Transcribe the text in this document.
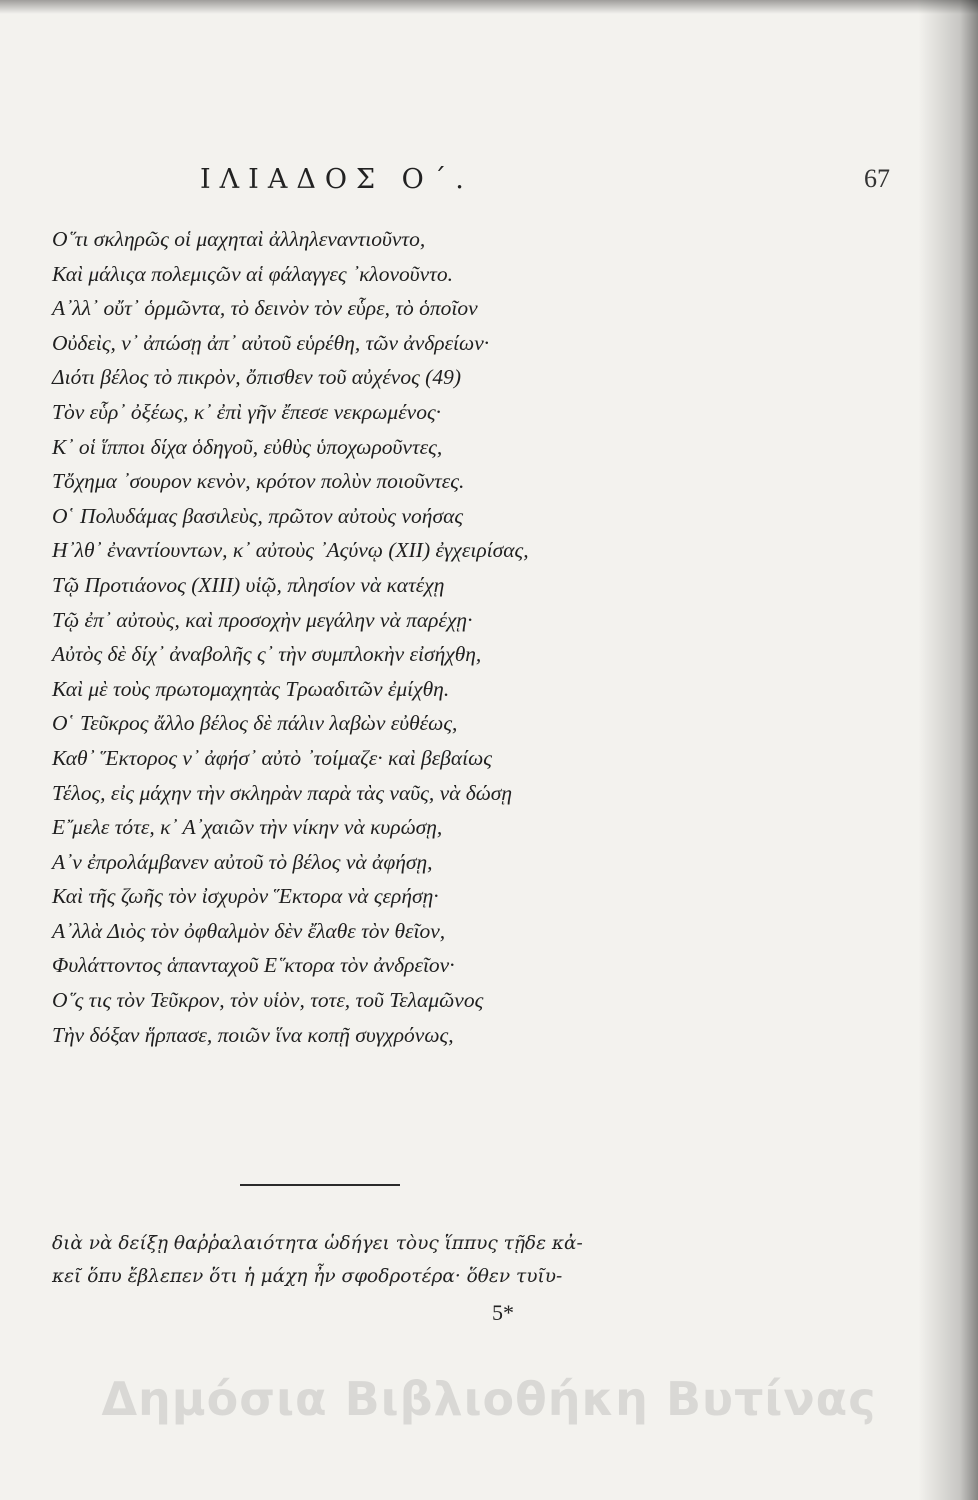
ΙΛΙΑΔΟΣ Ο΄.	67
Ο῞τι σκληρῶς οἱ μαχηταὶ ἀλληλεναντιοῦντο,
Καὶ μάλιςα πολεμιςῶν αἱ φάλαγγες ᾽κλονοῦντο.
Α᾽λλ᾽ οὔτ᾽ ὁρμῶντα, τὸ δεινὸν τὸν εὗρε, τὸ ὁποῖον
Οὐδεὶς, ν᾽ ἀπώσῃ ἀπ᾽ αὐτοῦ εὑρέθη, τῶν ἀνδρείων·
Διότι βέλος τὸ πικρὸν, ὄπισθεν τοῦ αὐχένος (49)
Τὸν εὗρ᾽ ὀξέως, κ᾽ ἐπὶ γῆν ἔπεσε νεκρωμένος·
Κ᾽ οἱ ἵπποι δίχα ὁδηγοῦ, εὐθὺς ὑποχωροῦντες,
Τὄχημα ᾽σουρον κενὸν, κρότον πολὺν ποιοῦντες.
Ο῾ Πολυδάμας βασιλεὺς, πρῶτον αὐτοὺς νοήσας
Η᾽λθ᾽ ἐναντίουντων, κ᾽ αὐτοὺς ᾽Αςύνῳ (XII) ἐγχειρίσας,
Τῷ Προτιάονος (XIII) υἱῷ, πλησίον νὰ κατέχῃ
Τῷ ἐπ᾽ αὐτοὺς, καὶ προσοχὴν μεγάλην νὰ παρέχῃ·
Αὐτὸς δὲ δίχ᾽ ἀναβολῆς ς᾽ τὴν συμπλοκὴν εἰσήχθη,
Καὶ μὲ τοὺς πρωτομαχητὰς Τρωαδιτῶν ἐμίχθη.
Ο῾ Τεῦκρος ἄλλο βέλος δὲ πάλιν λαβὼν εὐθέως,
Καθ᾽ Ἕκτορος ν᾽ ἀφήσ᾽ αὐτὸ ᾽τοίμαζε· καὶ βεβαίως
Τέλος, εἰς μάχην τὴν σκληρὰν παρὰ τὰς ναῦς, νὰ δώσῃ
Ε῎μελε τότε, κ᾽ Α᾽χαιῶν τὴν νίκην νὰ κυρώσῃ,
Α᾽ν ἐπρολάμβανεν αὐτοῦ τὸ βέλος νὰ ἀφήσῃ,
Καὶ τῆς ζωῆς τὸν ἰσχυρὸν Ἕκτορα νὰ ςερήσῃ·
Α᾽λλὰ Διὸς τὸν ὀφθαλμὸν δὲν ἔλαθε τὸν θεῖον,
Φυλάττοντος ἁπανταχοῦ Ε῞κτορα τὸν ἀνδρεῖον·
Ο῞ς τις τὸν Τεῦκρον, τὸν υἱὸν, τοτε, τοῦ Τελαμῶνος
Τὴν δόξαν ἥρπασε, ποιῶν ἵνα κοπῇ συγχρόνως,
διὰ νὰ δείξῃ θαῤῥαλαιότητα ὡδήγει τὸυς ἵππυς τῇδε κἀ-
κεῖ ὅπυ ἔβλεπεν ὅτι ἡ μάχη ἦν σφοδροτέρα· ὅθεν τυῖυ-
5*
Δημόσια Βιβλιοθήκη Βυτίνας
